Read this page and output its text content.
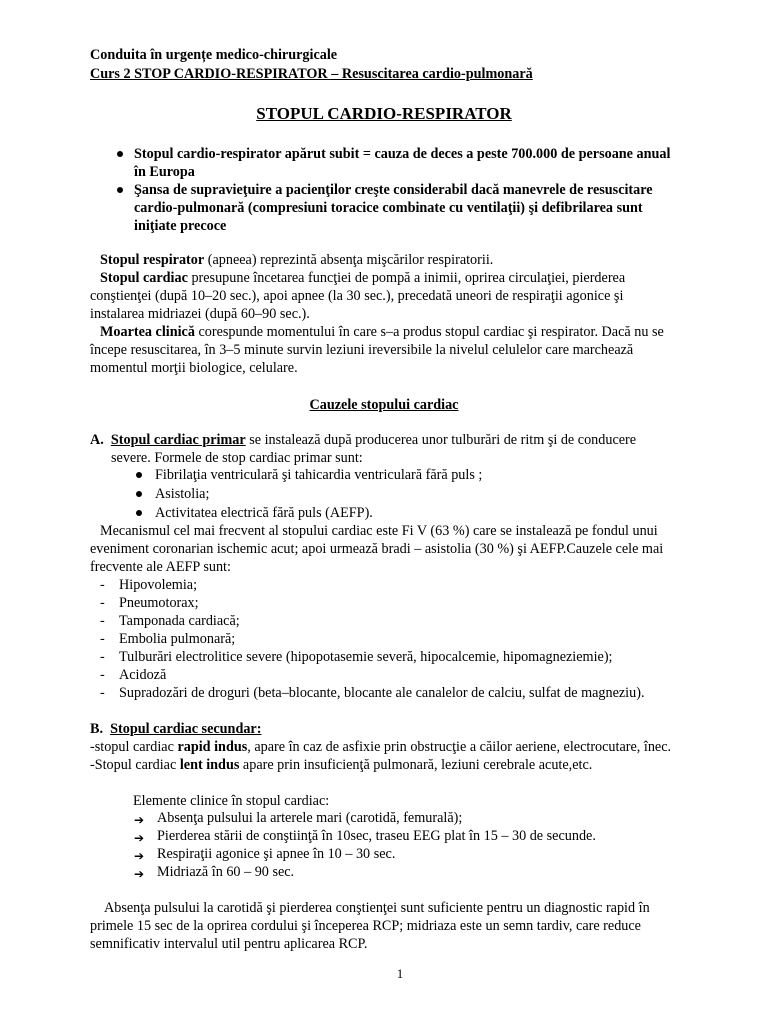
Conduita în urgențe medico-chirurgicale
Curs 2 STOP CARDIO-RESPIRATOR – Resuscitarea cardio-pulmonară
STOPUL CARDIO-RESPIRATOR
Stopul cardio-respirator apărut subit = cauza de deces a peste 700.000 de persoane anual
în Europa
Şansa de supravieţuire a pacienţilor creşte considerabil dacă manevrele de resuscitare
cardio-pulmonară (compresiuni toracice combinate cu ventilaţii) şi defibrilarea sunt
iniţiate precoce
Stopul respirator (apneea) reprezintă absenţa mişcărilor respiratorii.
Stopul cardiac presupune încetarea funcţiei de pompă a inimii, oprirea circulaţiei, pierderea
conştienţei (după 10–20 sec.), apoi apnee (la 30 sec.), precedată uneori de respiraţii agonice şi
instalarea midriazei (după 60–90 sec.).
Moartea clinică corespunde momentului în care s–a produs stopul cardiac şi respirator. Dacă nu se
începe resuscitarea, în 3–5 minute survin leziuni ireversibile la nivelul celulelor care marchează
momentul morţii biologice, celulare.
Cauzele stopului cardiac
A. Stopul cardiac primar se instalează după producerea unor tulburări de ritm şi de conducere
severe. Formele de stop cardiac primar sunt:
Fibrilaţia ventriculară şi tahicardia ventriculară fără puls ;
Asistolia;
Activitatea electrică fără puls (AEFP).
Mecanismul cel mai frecvent al stopului cardiac este Fi V (63 %) care se instalează pe fondul unui
eveniment coronarian ischemic acut; apoi urmează bradi – asistolia (30 %) şi AEFP.Cauzele cele mai
frecvente ale AEFP sunt:
- Hipovolemia;
- Pneumotorax;
- Tamponada cardiacă;
- Embolia pulmonară;
- Tulburări electrolitice severe (hipopotasemie severă, hipocalcemie, hipomagneziemie);
- Acidoză
- Supradozări de droguri (beta–blocante, blocante ale canalelor de calciu, sulfat de magneziu).
B. Stopul cardiac secundar:
-stopul cardiac rapid indus, apare în caz de asfixie prin obstrucţie a căilor aeriene, electrocutare, înec.
-Stopul cardiac lent indus apare prin insuficienţă pulmonară, leziuni cerebrale acute,etc.
Elemente clinice în stopul cardiac:
➔ Absenţa pulsului la arterele mari (carotidă, femurală);
➔ Pierderea stării de conştiinţă în 10sec, traseu EEG plat în 15 – 30 de secunde.
➔ Respiraţii agonice şi apnee în 10 – 30 sec.
➔ Midriază în 60 – 90 sec.
Absenţa pulsului la carotidă şi pierderea conştienţei sunt suficiente pentru un diagnostic rapid în
primele 15 sec de la oprirea cordului şi începerea RCP; midriaza este un semn tardiv, care reduce
semnificativ intervalul util pentru aplicarea RCP.
1
